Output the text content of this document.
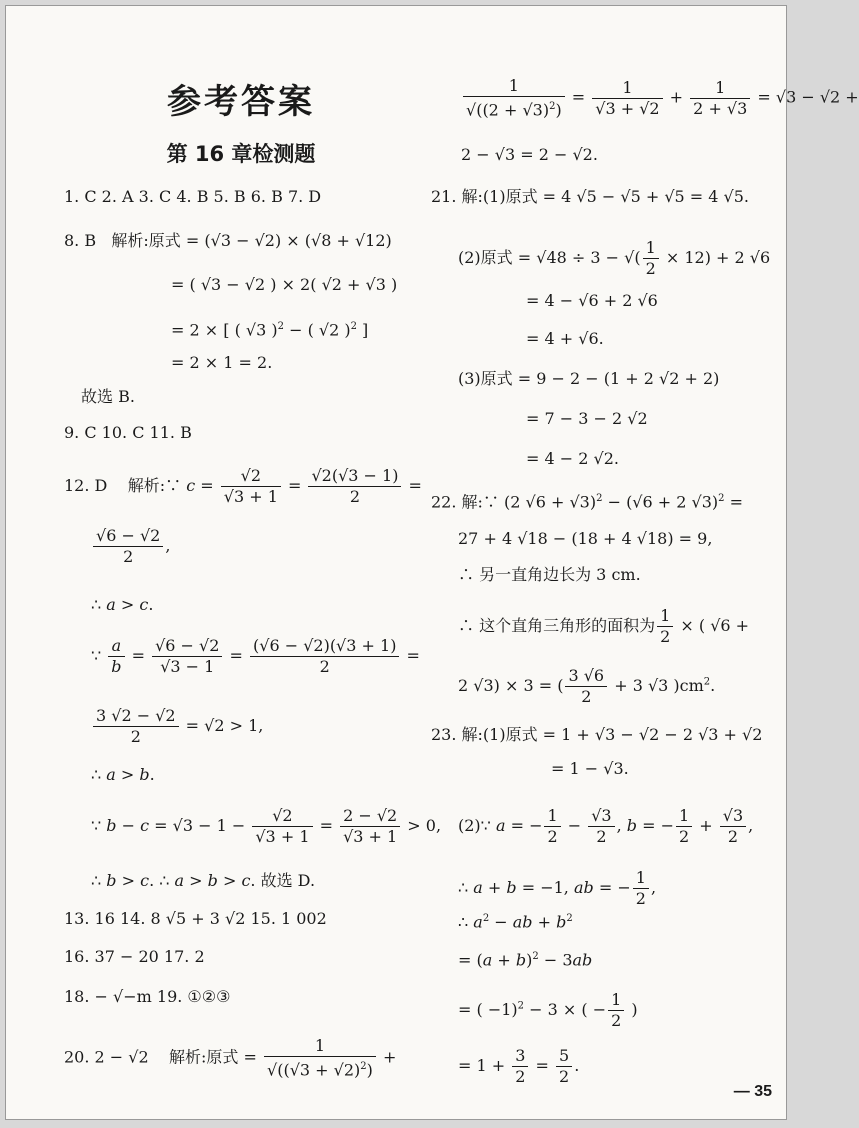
参考答案
第 16 章检测题
1. C 2. A 3. C 4. B 5. B 6. B 7. D
8. B 解析:原式 = (√3 − √2) × (√8 + √12)
= ( √3 − √2 ) × 2( √2 + √3 )
= 2 × [ ( √3 )$^2$ − ( √2 )$^2$ ]
= 2 × 1 = 2.
故选 B.
9. C 10. C 11. B
12. D 解析:∵ $c = \frac{√2}{√3 + 1} = \frac{√2(√3 - 1)}{2}$ =
$\frac{√6 - √2}{2}$ ,
∴ a > c.
∵ $\frac{a}{b} = \frac{√6 - √2}{√3 - 1} = \frac{(√6 - √2)(√3 + 1)}{2}$ =
$\frac{3 √2 - √2}{2} = √2 > 1$,
∴ a > b.
∵ $b - c = √3 - 1 - \frac{√2}{√3 + 1} = \frac{2 - √2}{√3 + 1} > 0$,
∴ b > c. ∴ a > b > c. 故选 D.
13. 16 14. 8 √5 + 3 √2 15. 1 002
16. 37 − 20 17. 2
18. − √−m 19. ①②③
20. 2 − √2 解析:原式 = $\frac{1}{√((√3 + √2)^2)}$ +
$\frac{1}{√((2 + √3)^2)} = \frac{1}{√3 + √2} + \frac{1}{2 + √3} = √3 - √2$ +
2 − √3 = 2 − √2.
21. 解:(1)原式 = 4 √5 − √5 + √5 = 4 √5.
(2)原式 = √48 ÷ 3 − √( $\frac{1}{2} \times 12) + 2$ √6
= 4 − √6 + 2 √6
= 4 + √6.
(3)原式 = 9 − 2 − (1 + 2 √2 + 2)
= 7 − 3 − 2 √2
= 4 − 2 √2.
22. 解:∵ (2 √6 + √3)$^2$ − (√6 + 2 √3)$^2$ =
27 + 4 √18 − (18 + 4 √18) = 9,
∴ 另一直角边长为 3 cm.
∴ 这个直角三角形的面积为 $\frac{1}{2}$ × ( √6 +
2 √3) × 3 = ( $\frac{3 √6}{2} + 3$ √3 )$cm^2$.
23. 解:(1)原式 = 1 + √3 − √2 − 2 √3 + √2
= 1 − √3.
(2)∵ a = − $\frac{1}{2} - \frac{√3}{2}$ , b = − $\frac{1}{2} + \frac{√3}{2}$ ,
∴ a + b = −1, ab = − $\frac{1}{2}$ ,
∴ $a^2$ − ab + $b^2$
= $(a + b)^2 - 3ab$
= ( −1)$^2$ − 3 × ( − $\frac{1}{2}$ )
= $1 + \frac{3}{2} = \frac{5}{2}$ .
— 35
